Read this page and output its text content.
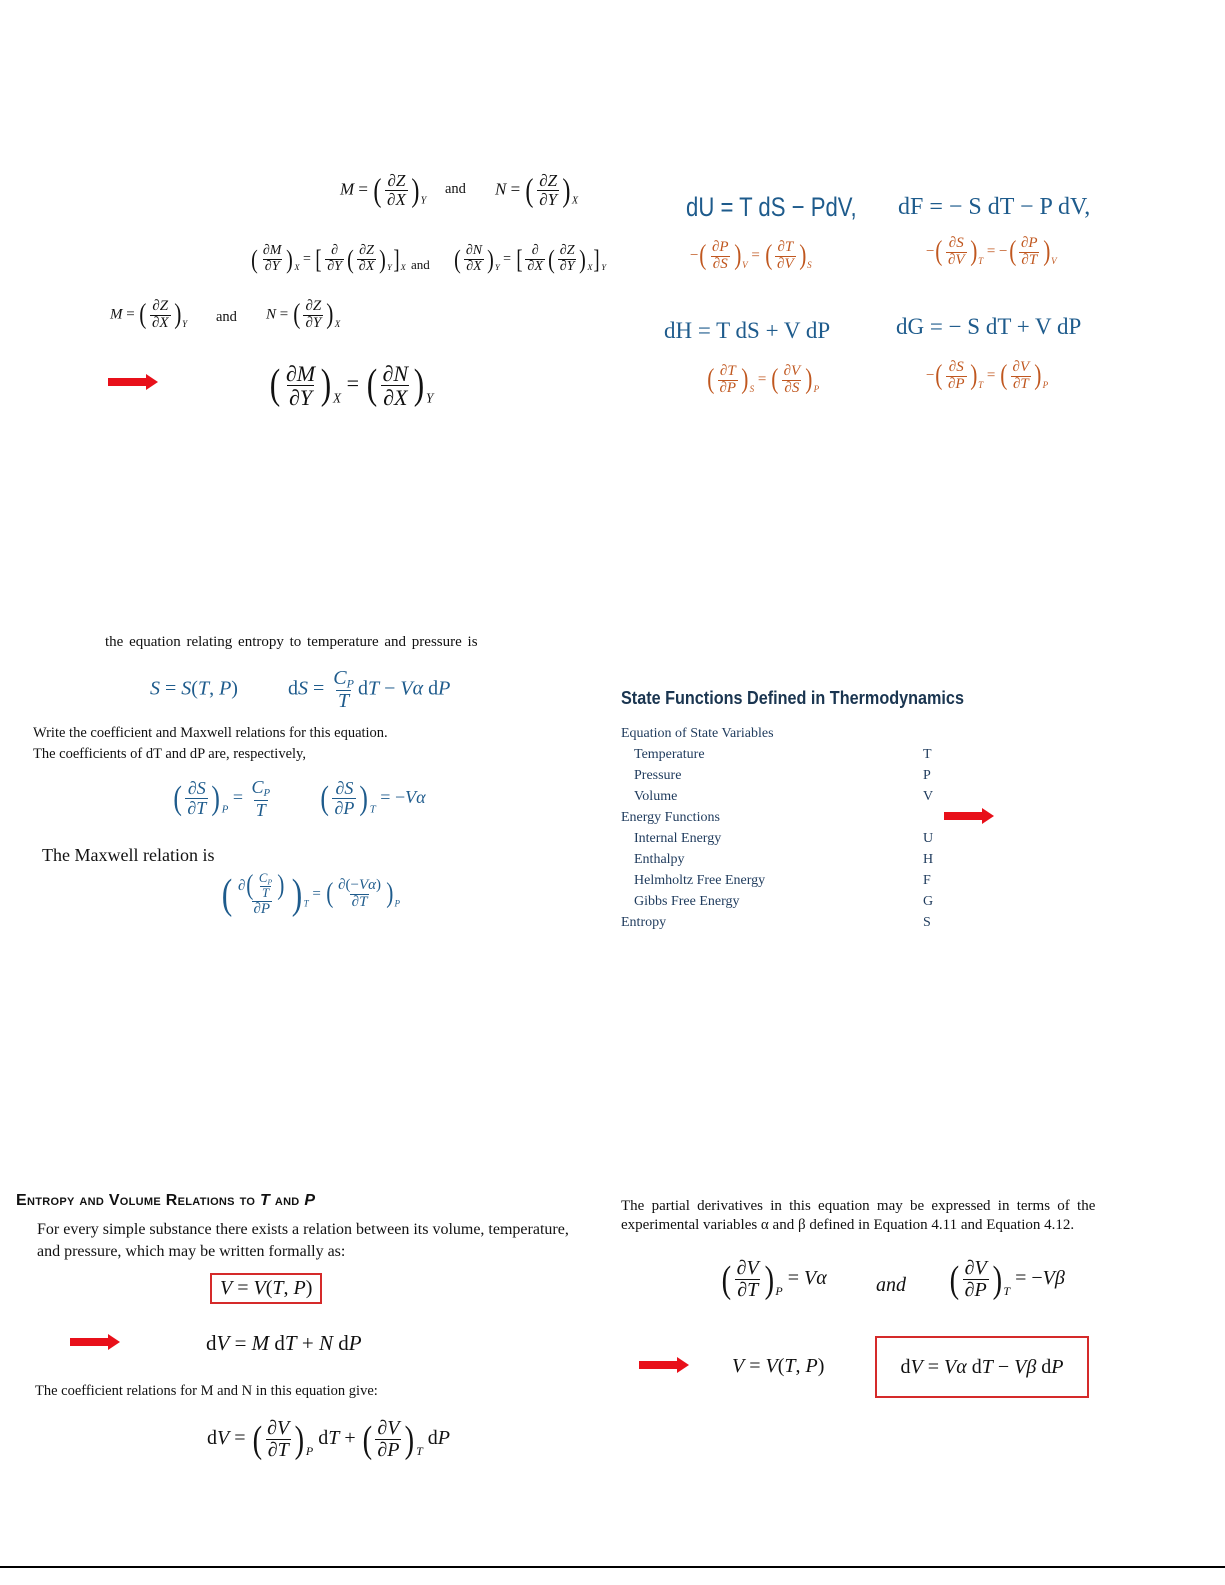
M = ( $\frac{\partial Z}{\partial X} )_Y$
and N = ( $\frac{\partial Z}{\partial Y} )_X$
( $\frac{\partial M}{\partial Y} )_X$ = [ $\frac{\partial}{\partial Y}$ ( $\frac{\partial Z}{\partial X} )_Y]_X$ and ( $\frac{\partial N}{\partial X} )_Y$ = [ $\frac{\partial}{\partial X}$ ( $\frac{\partial Z}{\partial Y} )_X]_Y$
M = ( $\frac{\partial Z}{\partial X} )_Y$ and N = ( $\frac{\partial Z}{\partial Y} )_X$
( $\frac{\partial M}{\partial Y}$ ) $_X$ = ( $\frac{\partial N}{\partial X}$ ) $_Y$
dU = T dS − PdV, dF = − S dT − P dV,
−( $\frac{\partial P}{\partial S} )_V$ = ( $\frac{\partial T}{\partial V} )_S$
−( $\frac{\partial S}{\partial V} )_T$ = −( $\frac{\partial P}{\partial T} )_V$
dH = T dS + V dP	dG = − S dT + V dP
( $\frac{\partial T}{\partial P} )_S$ = ( $\frac{\partial V}{\partial S} )_P$
−( $\frac{\partial S}{\partial P} )_T$ = ( $\frac{\partial V}{\partial T} )_P$
the equation relating entropy to temperature and pressure is
S = S(T, P)  dS = $\frac{C_P}{T}$ dT − Vα dP
Write the coefficient and Maxwell relations for this equation.
The coefficients of dT and dP are, respectively,
( $\frac{\partial S}{\partial T} )_P = \frac{C_P}{T}$ ( $\frac{\partial S}{\partial P} )_T = -V\alpha$
The Maxwell relation is
( $\frac{\partial( \frac{C_P}{T} )}{\partial P}$ ) $_T$ = ( $\frac{\partial(-V\alpha)}{\partial T} )_P$
State Functions Defined in Thermodynamics
Equation of State Variables
Temperature	T
Pressure	P
Volume	V
Energy Functions
Internal Energy	U
Enthalpy	H
Helmholtz Free Energy	F
Gibbs Free Energy	G
Entropy	S
Entropy and Volume Relations to T and P
For every simple substance there exists a relation between its volume, temperature,
and pressure, which may be written formally as:
V = V(T, P)
dV = M dT + N dP
The coefficient relations for M and N in this equation give:
dV = ( $\frac{\partial V}{\partial T}$ ) $_P$ dT + ( $\frac{\partial V}{\partial P}$ ) $_T$ dP
The partial derivatives in this equation may be expressed in terms of the
experimental variables α and β defined in Equation 4.11 and Equation 4.12.
( $\frac{\partial V}{\partial T}$ ) $_P$ = Vα and ( $\frac{\partial V}{\partial P}$ ) $_T$ = −Vβ
V = V(T, P)	d V = V α d T − V β d P
